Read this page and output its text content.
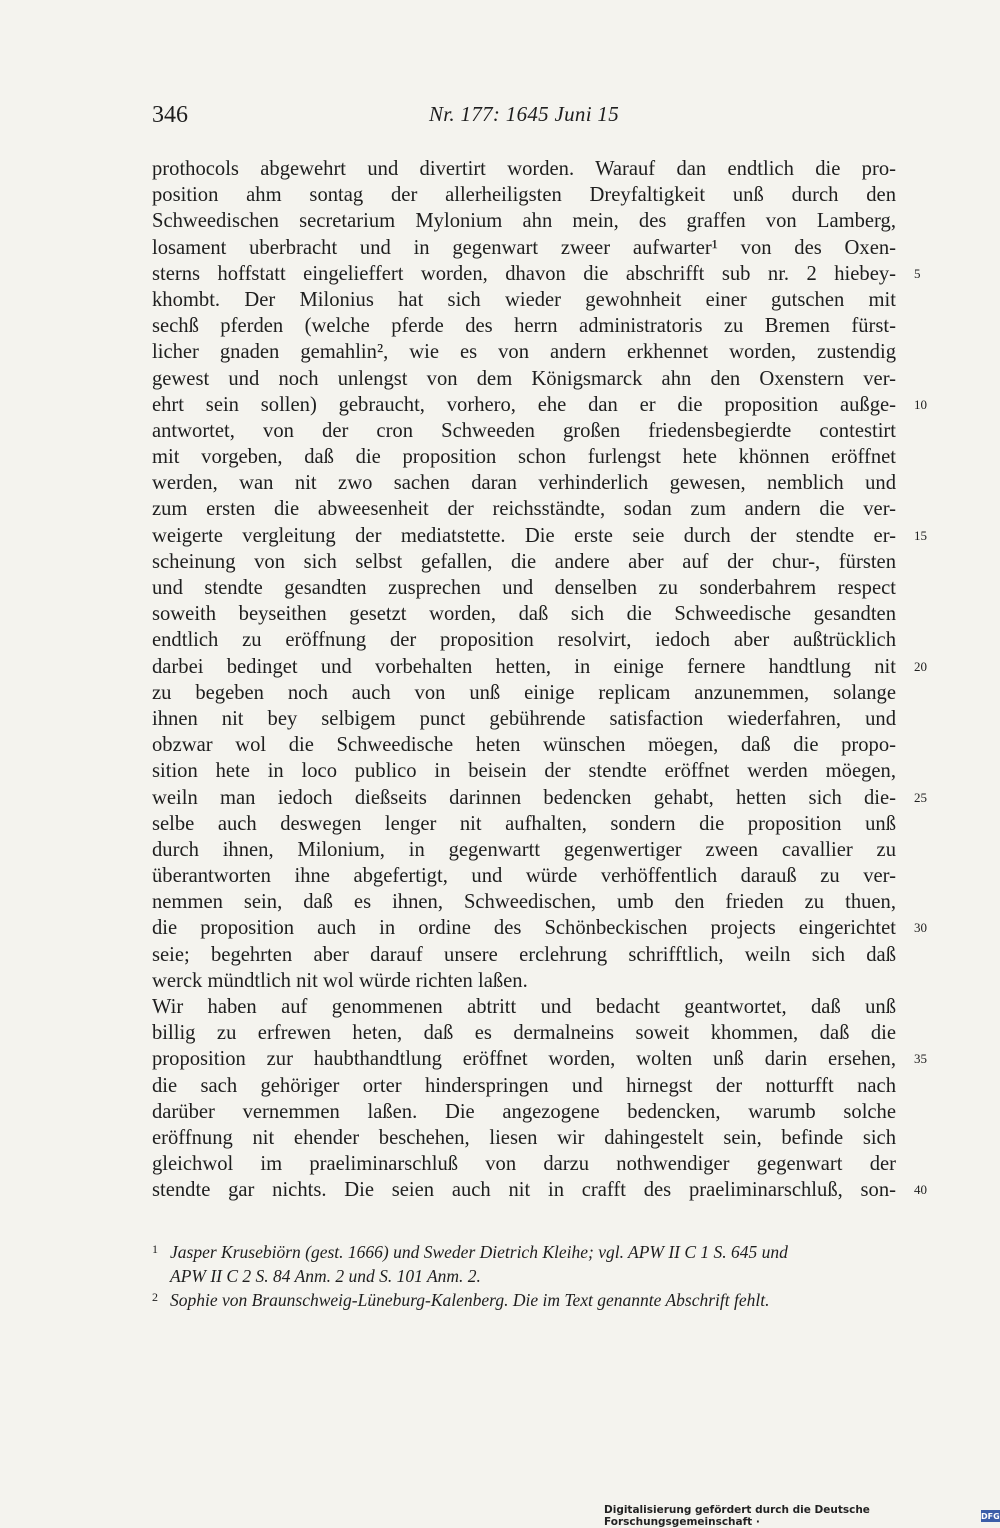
346	Nr. 177: 1645 Juni 15
prothocols abgewehrt und divertirt worden. Warauf dan endtlich die pro-
position ahm sontag der allerheiligsten Dreyfaltigkeit unß durch den
Schweedischen secretarium Mylonium ahn mein, des graffen von Lamberg,
losament uberbracht und in gegenwart zweer aufwarter¹ von des Oxen-
sterns hoffstatt eingelieffert worden, dhavon die abschrifft sub nr. 2 hiebey- 5
khombt. Der Milonius hat sich wieder gewohnheit einer gutschen mit
sechß pferden (welche pferde des herrn administratoris zu Bremen fürst-
licher gnaden gemahlin², wie es von andern erkhennet worden, zustendig
gewest und noch unlengst von dem Königsmarck ahn den Oxenstern ver-
ehrt sein sollen) gebraucht, vorhero, ehe dan er die proposition außge- 10
antwortet, von der cron Schweeden großen friedensbegierdte contestirt
mit vorgeben, daß die proposition schon furlengst hete khönnen eröffnet
werden, wan nit zwo sachen daran verhinderlich gewesen, nemblich und
zum ersten die abweesenheit der reichsständte, sodan zum andern die ver-
weigerte vergleitung der mediatstette. Die erste seie durch der stendte er- 15
scheinung von sich selbst gefallen, die andere aber auf der chur-, fürsten
und stendte gesandten zusprechen und denselben zu sonderbahrem respect
soweith beyseithen gesetzt worden, daß sich die Schweedische gesandten
endtlich zu eröffnung der proposition resolvirt, iedoch aber außtrücklich
darbei bedinget und vorbehalten hetten, in einige fernere handtlung nit 20
zu begeben noch auch von unß einige replicam anzunemmen, solange
ihnen nit bey selbigem punct gebührende satisfaction wiederfahren, und
obzwar wol die Schweedische heten wünschen möegen, daß die propo-
sition hete in loco publico in beisein der stendte eröffnet werden möegen,
weiln man iedoch dießseits darinnen bedencken gehabt, hetten sich die- 25
selbe auch deswegen lenger nit aufhalten, sondern die proposition unß
durch ihnen, Milonium, in gegenwartt gegenwertiger zween cavallier zu
überantworten ihne abgefertigt, und würde verhöffentlich darauß zu ver-
nemmen sein, daß es ihnen, Schweedischen, umb den frieden zu thuen,
die proposition auch in ordine des Schönbeckischen projects eingerichtet 30
seie; begehrten aber darauf unsere erclehrung schrifftlich, weiln sich daß
werck mündtlich nit wol würde richten laßen.
Wir haben auf genommenen abtritt und bedacht geantwortet, daß unß
billig zu erfrewen heten, daß es dermalneins soweit khommen, daß die
proposition zur haubthandtlung eröffnet worden, wolten unß darin ersehen, 35
die sach gehöriger orter hinderspringen und hirnegst der notturfft nach
darüber vernemmen laßen. Die angezogene bedencken, warumb solche
eröffnung nit ehender beschehen, liesen wir dahingestelt sein, befinde sich
gleichwol im praeliminarschluß von darzu nothwendiger gegenwart der
stendte gar nichts. Die seien auch nit in crafft des praeliminarschluß, son- 40
1 Jasper Krusebiörn (gest. 1666) und Sweder Dietrich Kleihe; vgl. APW II C 1 S. 645 und
APW II C 2 S. 84 Anm. 2 und S. 101 Anm. 2.
2 Sophie von Braunschweig-Lüneburg-Kalenberg. Die im Text genannte Abschrift fehlt.
Digitalisierung gefördert durch die Deutsche Forschungsgemeinschaft ·	DFG
